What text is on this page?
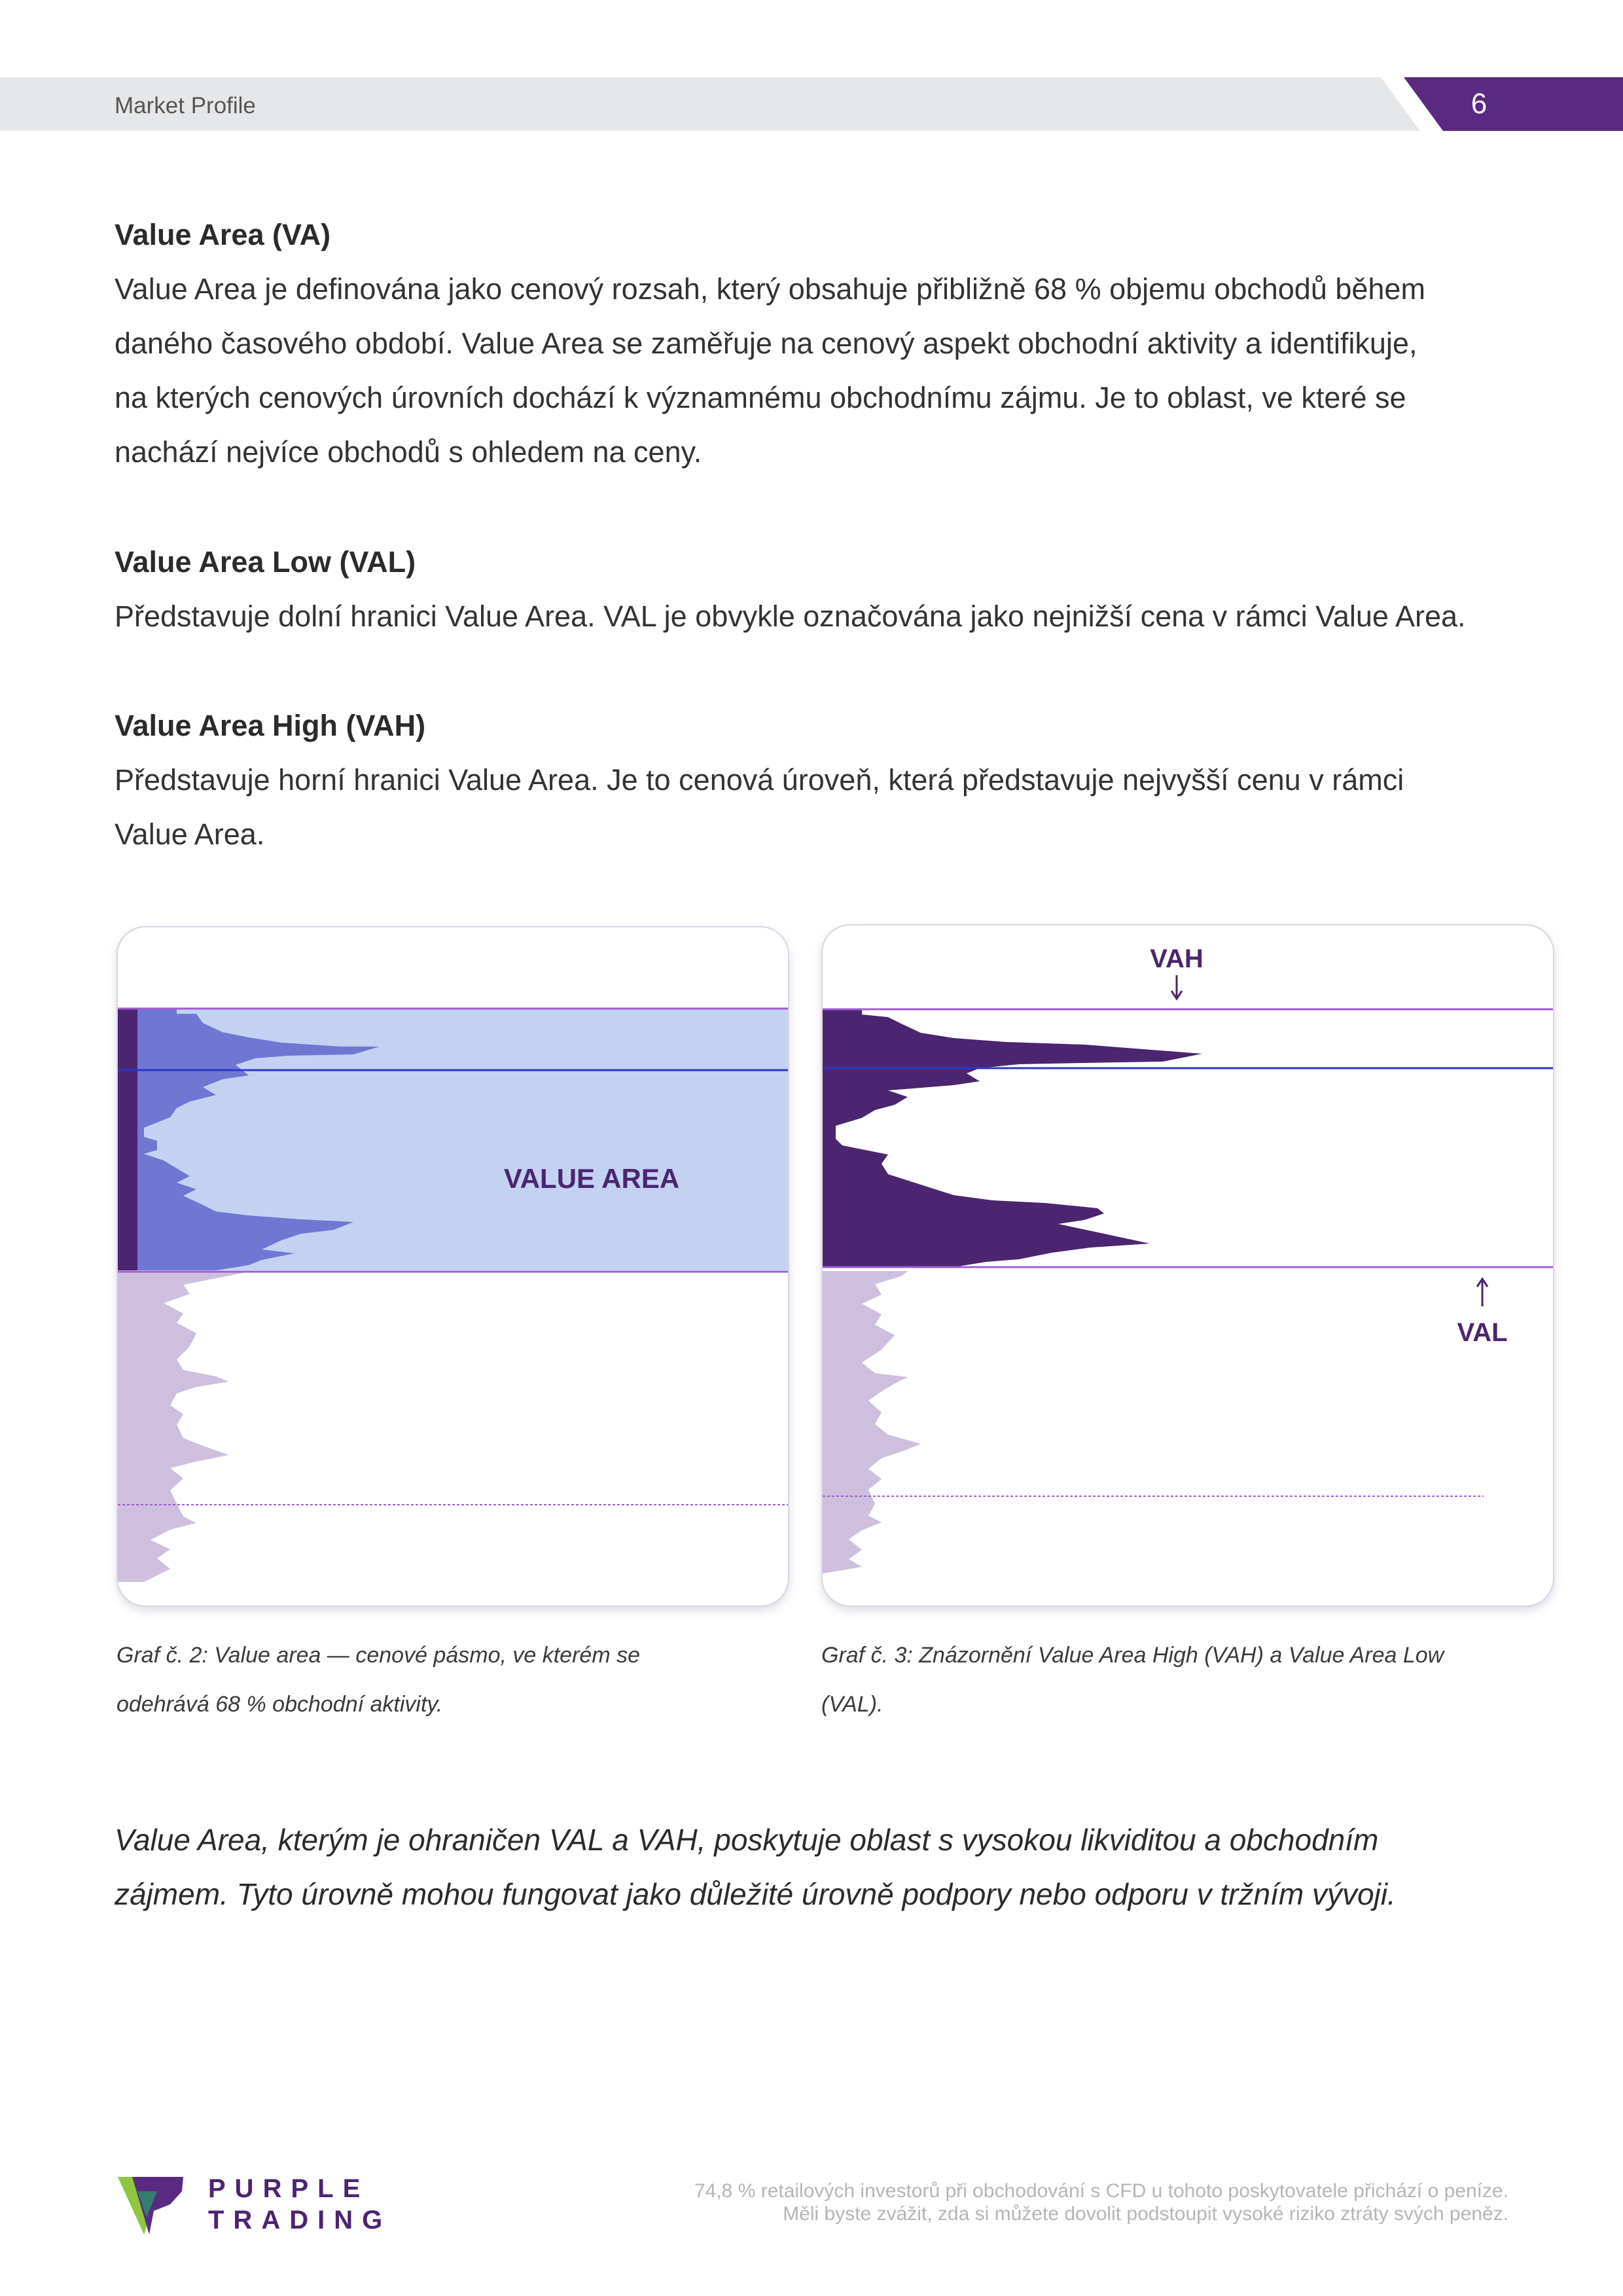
Market Profile	6

Value Area (VA)

Value Area je definována jako cenový rozsah, který obsahuje přibližně 68 % objemu obchodů během

daného časového období. Value Area se zaměřuje na cenový aspekt obchodní aktivity a identifikuje,

na kterých cenových úrovních dochází k významnému obchodnímu zájmu. Je to oblast, ve které se

nachází nejvíce obchodů s ohledem na ceny.

Value Area Low (VAL)

Představuje dolní hranici Value Area. VAL je obvykle označována jako nejnižší cena v rámci Value Area.

Value Area High (VAH)

Představuje horní hranici Value Area. Je to cenová úroveň, která představuje nejvyšší cenu v rámci

Value Area.

VALUE AREA
Graf č. 2: Value area — cenové pásmo, ve kterém se
odehrává 68 % obchodní aktivity.
VAH
VAL
Graf č. 3: Znázornění Value Area High (VAH) a Value Area Low
(VAL).
Value Area, kterým je ohraničen VAL a VAH, poskytuje oblast s vysokou likviditou a obchodním
zájmem. Tyto úrovně mohou fungovat jako důležité úrovně podpory nebo odporu v tržním vývoji.
PURPLE
TRADING
74,8 % retailových investorů při obchodování s CFD u tohoto poskytovatele přichází o peníze.
Měli byste zvážit, zda si můžete dovolit podstoupit vysoké riziko ztráty svých peněz.
